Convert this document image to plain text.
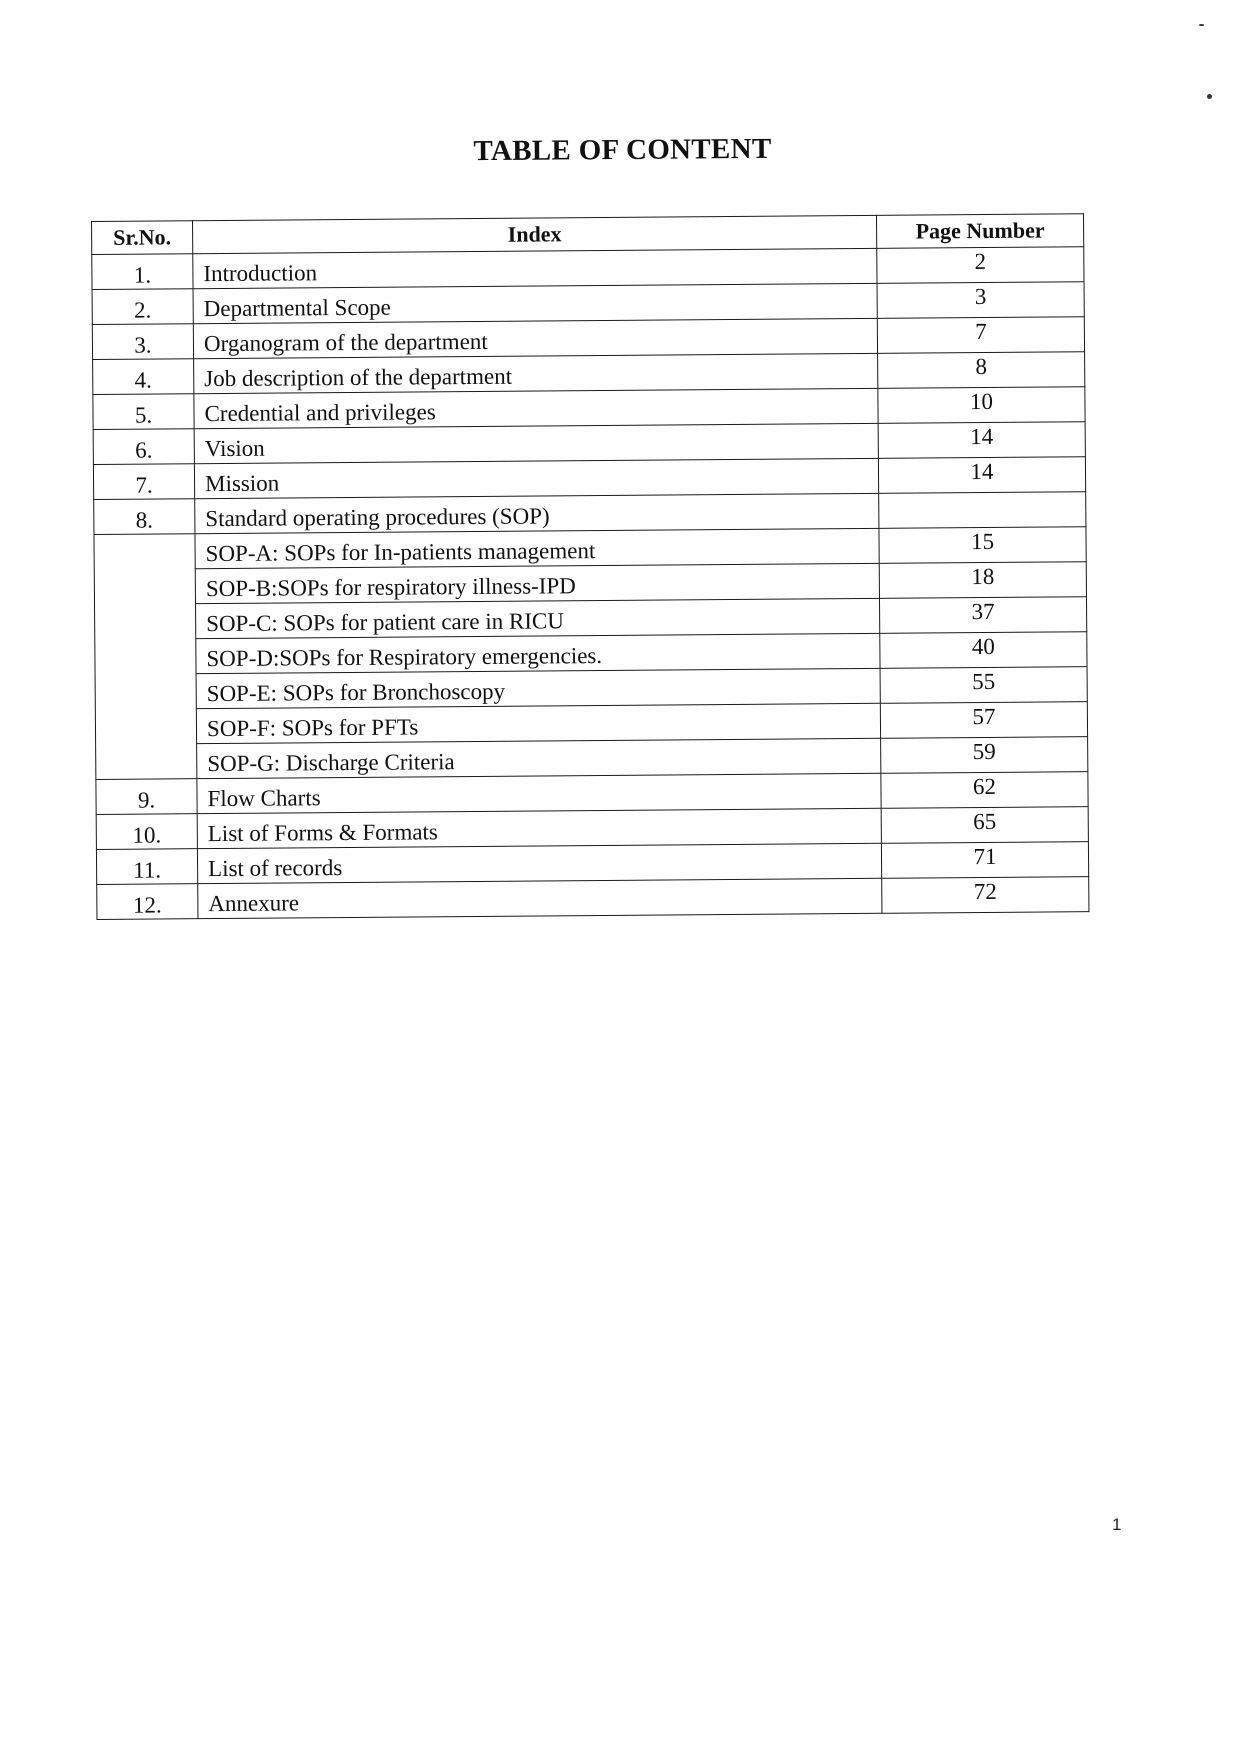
TABLE OF CONTENT
Sr.No.	Index	Page Number
1.	Introduction	2
2.	Departmental Scope	3
3.	Organogram of the department	7
4.	Job description of the department	8
5.	Credential and privileges	10
6.	Vision	14
7.	Mission	14
8.	Standard operating procedures (SOP)	
	SOP-A: SOPs for In-patients management	15
	SOP-B:SOPs for respiratory illness-IPD	18
	SOP-C: SOPs for patient care in RICU	37
	SOP-D:SOPs for Respiratory emergencies.	40
	SOP-E: SOPs for Bronchoscopy	55
	SOP-F: SOPs for PFTs	57
	SOP-G: Discharge Criteria	59
9.	Flow Charts	62
10.	List of Forms & Formats	65
11.	List of records	71
12.	Annexure	72
1
